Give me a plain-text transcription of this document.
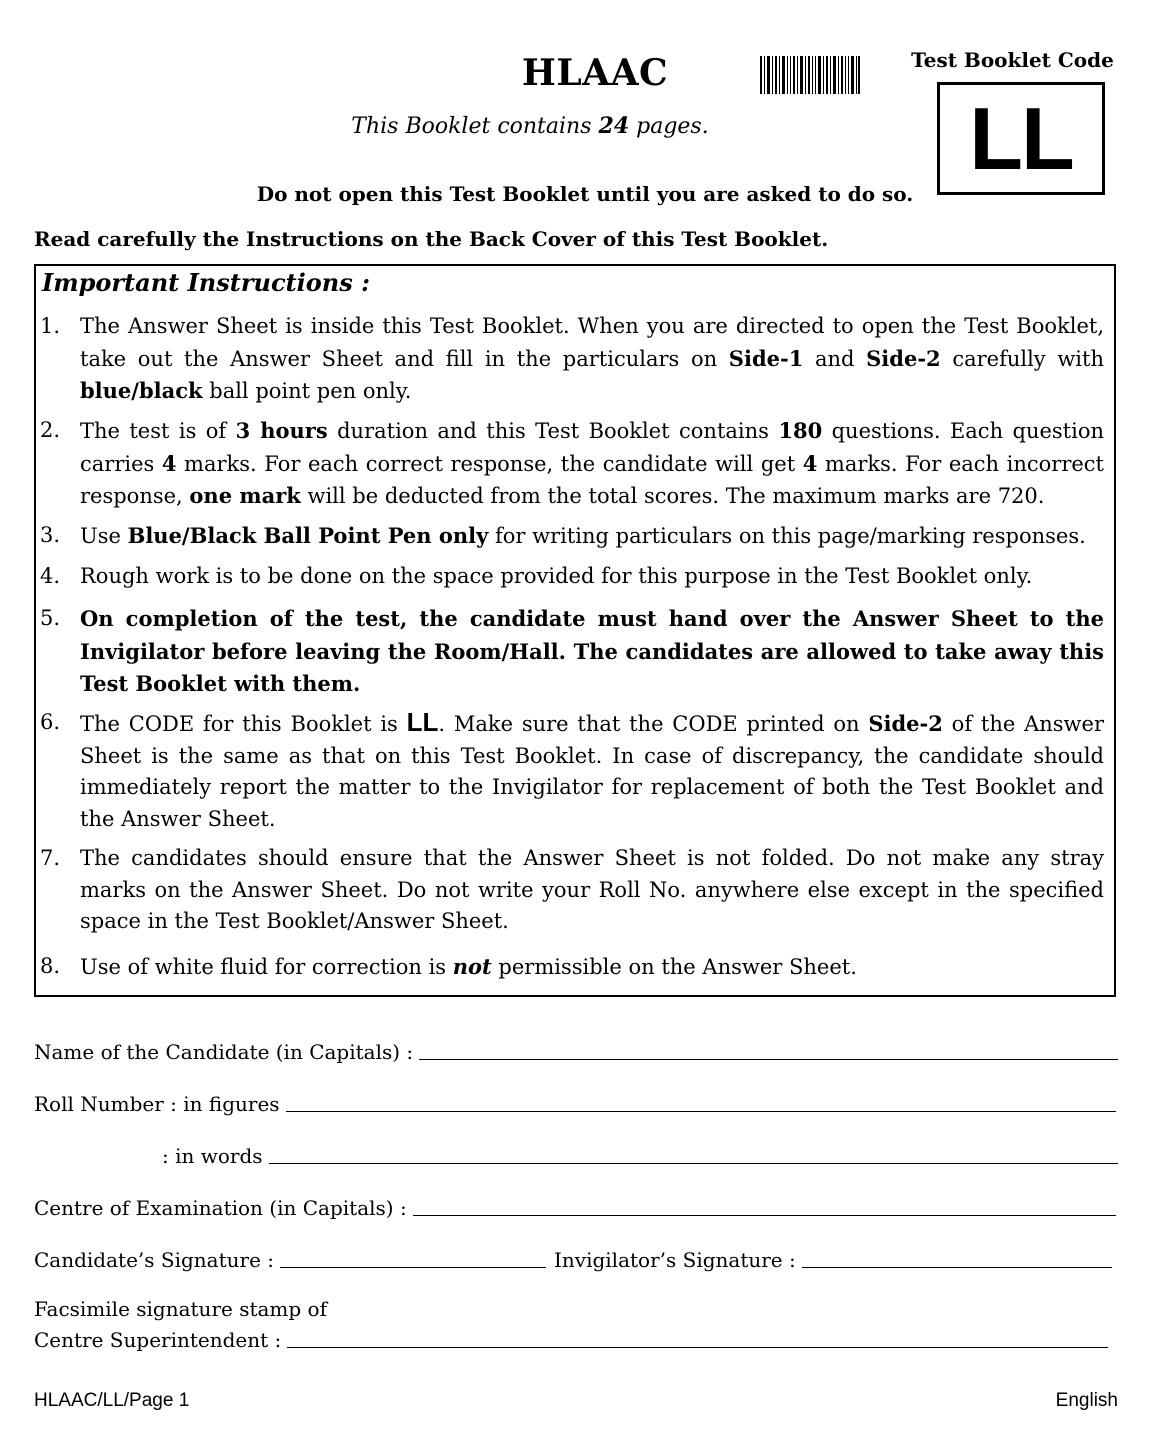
HLAAC	Test Booklet Code
LL
This Booklet contains 24 pages.
Do not open this Test Booklet until you are asked to do so.
Read carefully the Instructions on the Back Cover of this Test Booklet.
Important Instructions :
1. The Answer Sheet is inside this Test Booklet. When you are directed to open the Test Booklet, take out the Answer Sheet and fill in the particulars on Side-1 and Side-2 carefully with blue/black ball point pen only.
2. The test is of 3 hours duration and this Test Booklet contains 180 questions. Each question carries 4 marks. For each correct response, the candidate will get 4 marks. For each incorrect response, one mark will be deducted from the total scores. The maximum marks are 720.
3. Use Blue/Black Ball Point Pen only for writing particulars on this page/marking responses.
4. Rough work is to be done on the space provided for this purpose in the Test Booklet only.
5. On completion of the test, the candidate must hand over the Answer Sheet to the Invigilator before leaving the Room/Hall. The candidates are allowed to take away this Test Booklet with them.
6. The CODE for this Booklet is LL. Make sure that the CODE printed on Side-2 of the Answer Sheet is the same as that on this Test Booklet. In case of discrepancy, the candidate should immediately report the matter to the Invigilator for replacement of both the Test Booklet and the Answer Sheet.
7. The candidates should ensure that the Answer Sheet is not folded. Do not make any stray marks on the Answer Sheet. Do not write your Roll No. anywhere else except in the specified space in the Test Booklet/Answer Sheet.
8. Use of white fluid for correction is not permissible on the Answer Sheet.
Name of the Candidate (in Capitals) :
Roll Number : in figures
: in words
Centre of Examination (in Capitals) :
Candidate’s Signature :	Invigilator’s Signature :
Facsimile signature stamp of
Centre Superintendent :
HLAAC/LL/Page 1	English
